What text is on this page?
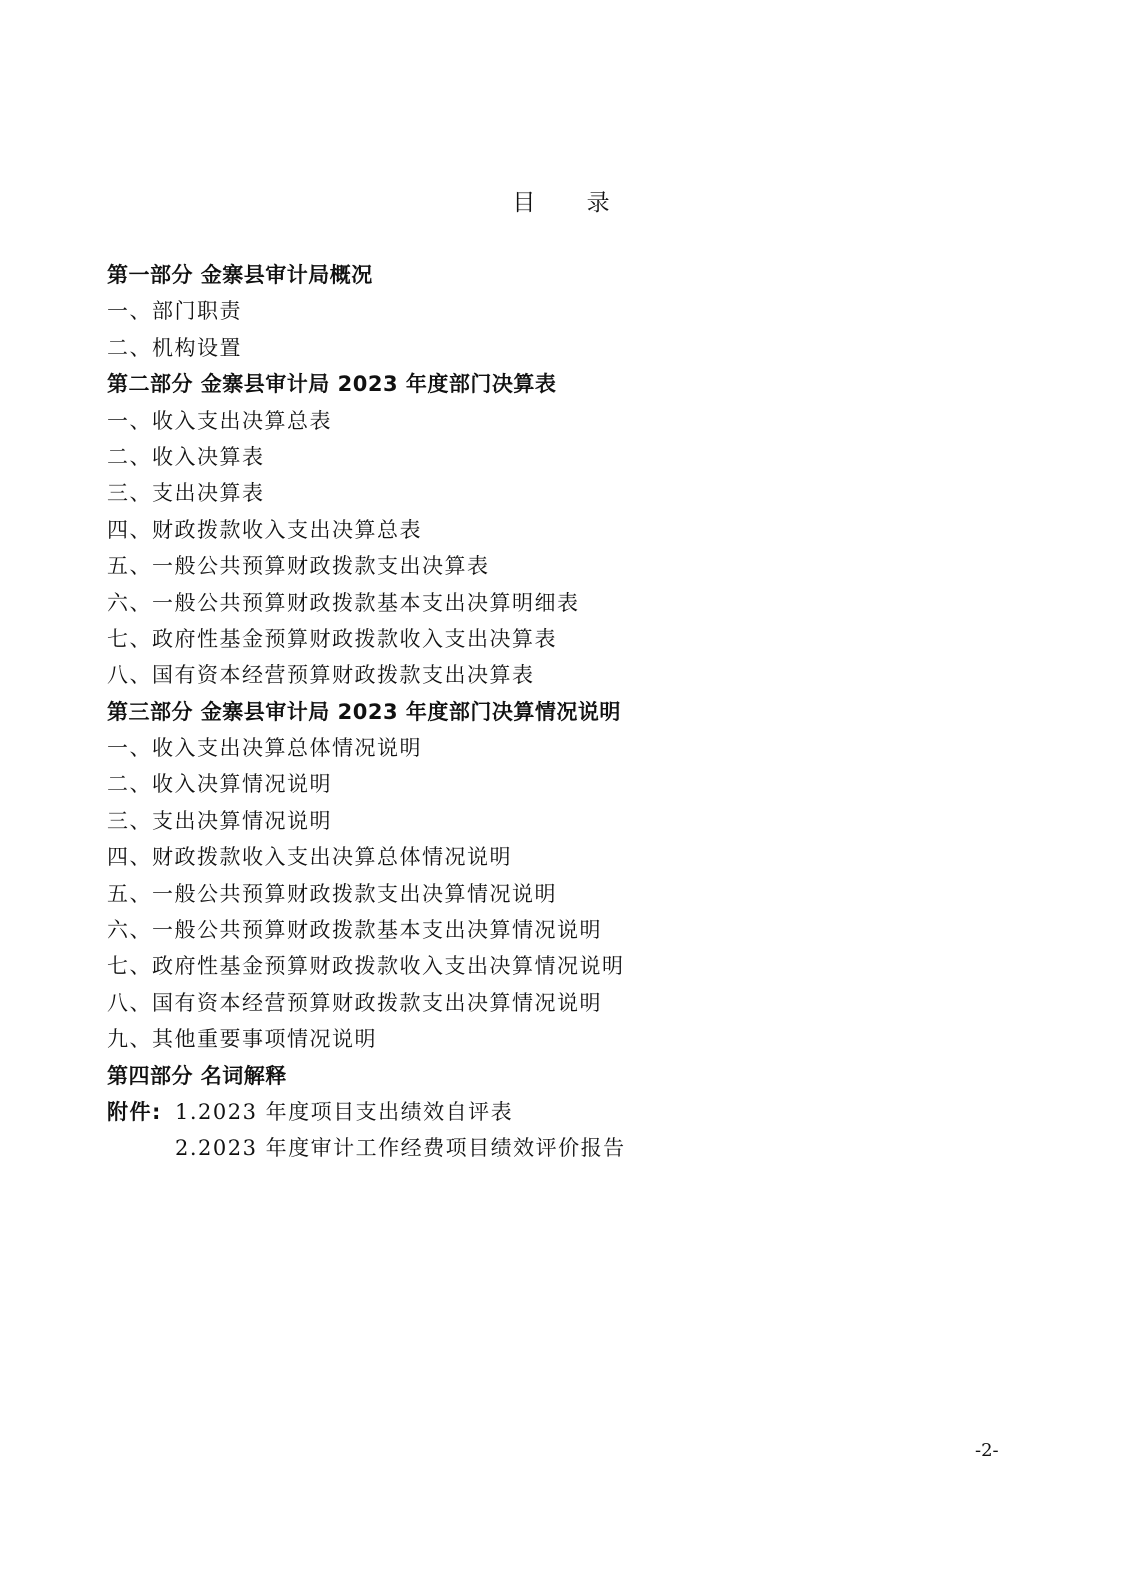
目 录
第一部分 金寨县审计局概况
一、部门职责
二、机构设置
第二部分 金寨县审计局 2023 年度部门决算表
一、收入支出决算总表
二、收入决算表
三、支出决算表
四、财政拨款收入支出决算总表
五、一般公共预算财政拨款支出决算表
六、一般公共预算财政拨款基本支出决算明细表
七、政府性基金预算财政拨款收入支出决算表
八、国有资本经营预算财政拨款支出决算表
第三部分 金寨县审计局 2023 年度部门决算情况说明
一、收入支出决算总体情况说明
二、收入决算情况说明
三、支出决算情况说明
四、财政拨款收入支出决算总体情况说明
五、一般公共预算财政拨款支出决算情况说明
六、一般公共预算财政拨款基本支出决算情况说明
七、政府性基金预算财政拨款收入支出决算情况说明
八、国有资本经营预算财政拨款支出决算情况说明
九、其他重要事项情况说明
第四部分 名词解释
附件: 1.2023 年度项目支出绩效自评表
2.2023 年度审计工作经费项目绩效评价报告
-2-
